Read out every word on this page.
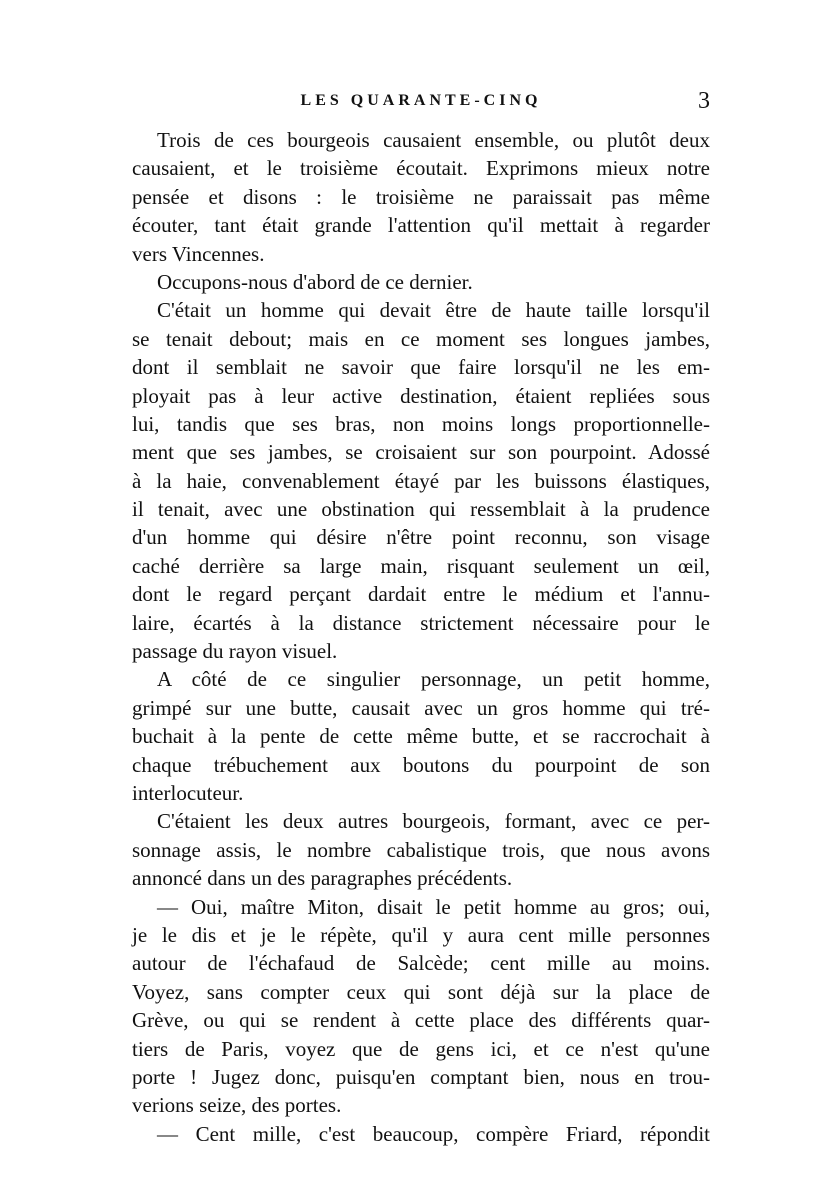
LES QUARANTE-CINQ	3
Trois de ces bourgeois causaient ensemble, ou plutôt deux
causaient, et le troisième écoutait. Exprimons mieux notre
pensée et disons : le troisième ne paraissait pas même
écouter, tant était grande l'attention qu'il mettait à regarder
vers Vincennes.
Occupons-nous d'abord de ce dernier.
C'était un homme qui devait être de haute taille lorsqu'il
se tenait debout; mais en ce moment ses longues jambes,
dont il semblait ne savoir que faire lorsqu'il ne les em-
ployait pas à leur active destination, étaient repliées sous
lui, tandis que ses bras, non moins longs proportionnelle-
ment que ses jambes, se croisaient sur son pourpoint. Adossé
à la haie, convenablement étayé par les buissons élastiques,
il tenait, avec une obstination qui ressemblait à la prudence
d'un homme qui désire n'être point reconnu, son visage
caché derrière sa large main, risquant seulement un œil,
dont le regard perçant dardait entre le médium et l'annu-
laire, écartés à la distance strictement nécessaire pour le
passage du rayon visuel.
A côté de ce singulier personnage, un petit homme,
grimpé sur une butte, causait avec un gros homme qui tré-
buchait à la pente de cette même butte, et se raccrochait à
chaque trébuchement aux boutons du pourpoint de son
interlocuteur.
C'étaient les deux autres bourgeois, formant, avec ce per-
sonnage assis, le nombre cabalistique trois, que nous avons
annoncé dans un des paragraphes précédents.
— Oui, maître Miton, disait le petit homme au gros; oui,
je le dis et je le répète, qu'il y aura cent mille personnes
autour de l'échafaud de Salcède; cent mille au moins.
Voyez, sans compter ceux qui sont déjà sur la place de
Grève, ou qui se rendent à cette place des différents quar-
tiers de Paris, voyez que de gens ici, et ce n'est qu'une
porte ! Jugez donc, puisqu'en comptant bien, nous en trou-
verions seize, des portes.
— Cent mille, c'est beaucoup, compère Friard, répondit
